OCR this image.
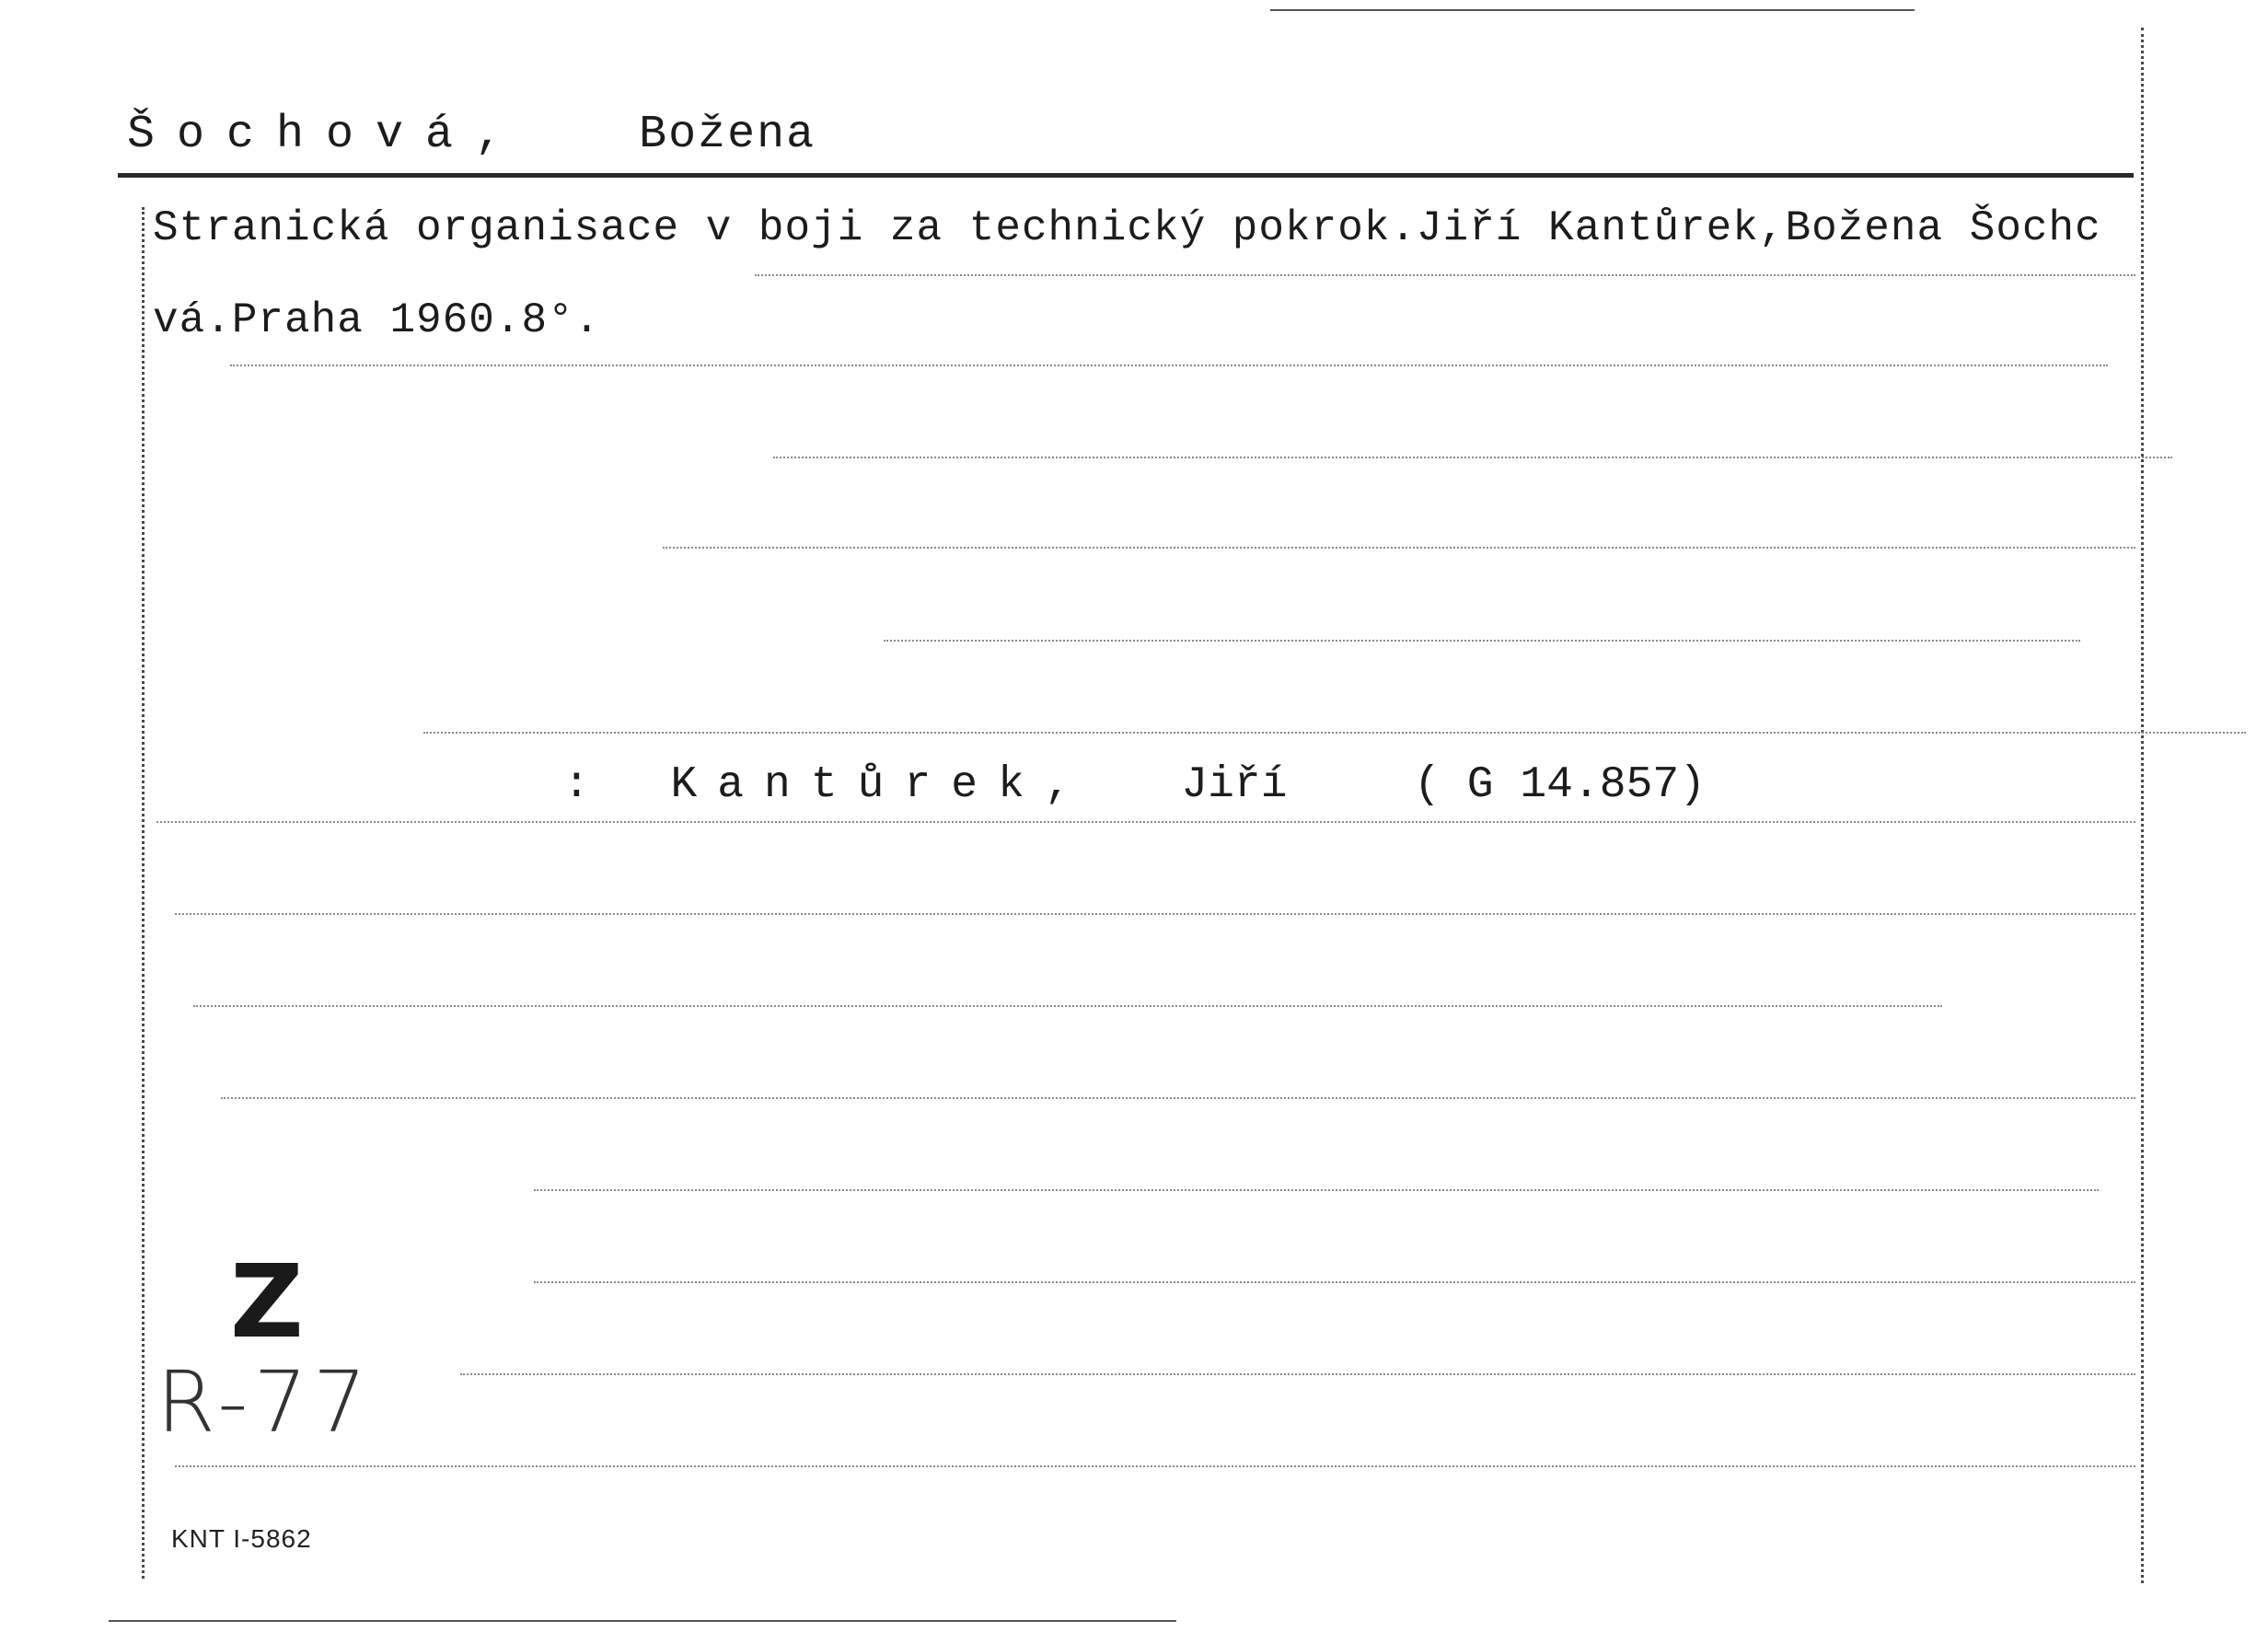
Šochová, Božena
Stranická organisace v boji za technický pokrok.Jiří Kantůrek,Božena Šochc
vá.Praha 1960.8°.
: Kantůrek, Jiří	( G 14.857)
Z
R-77
KNT I-5862
